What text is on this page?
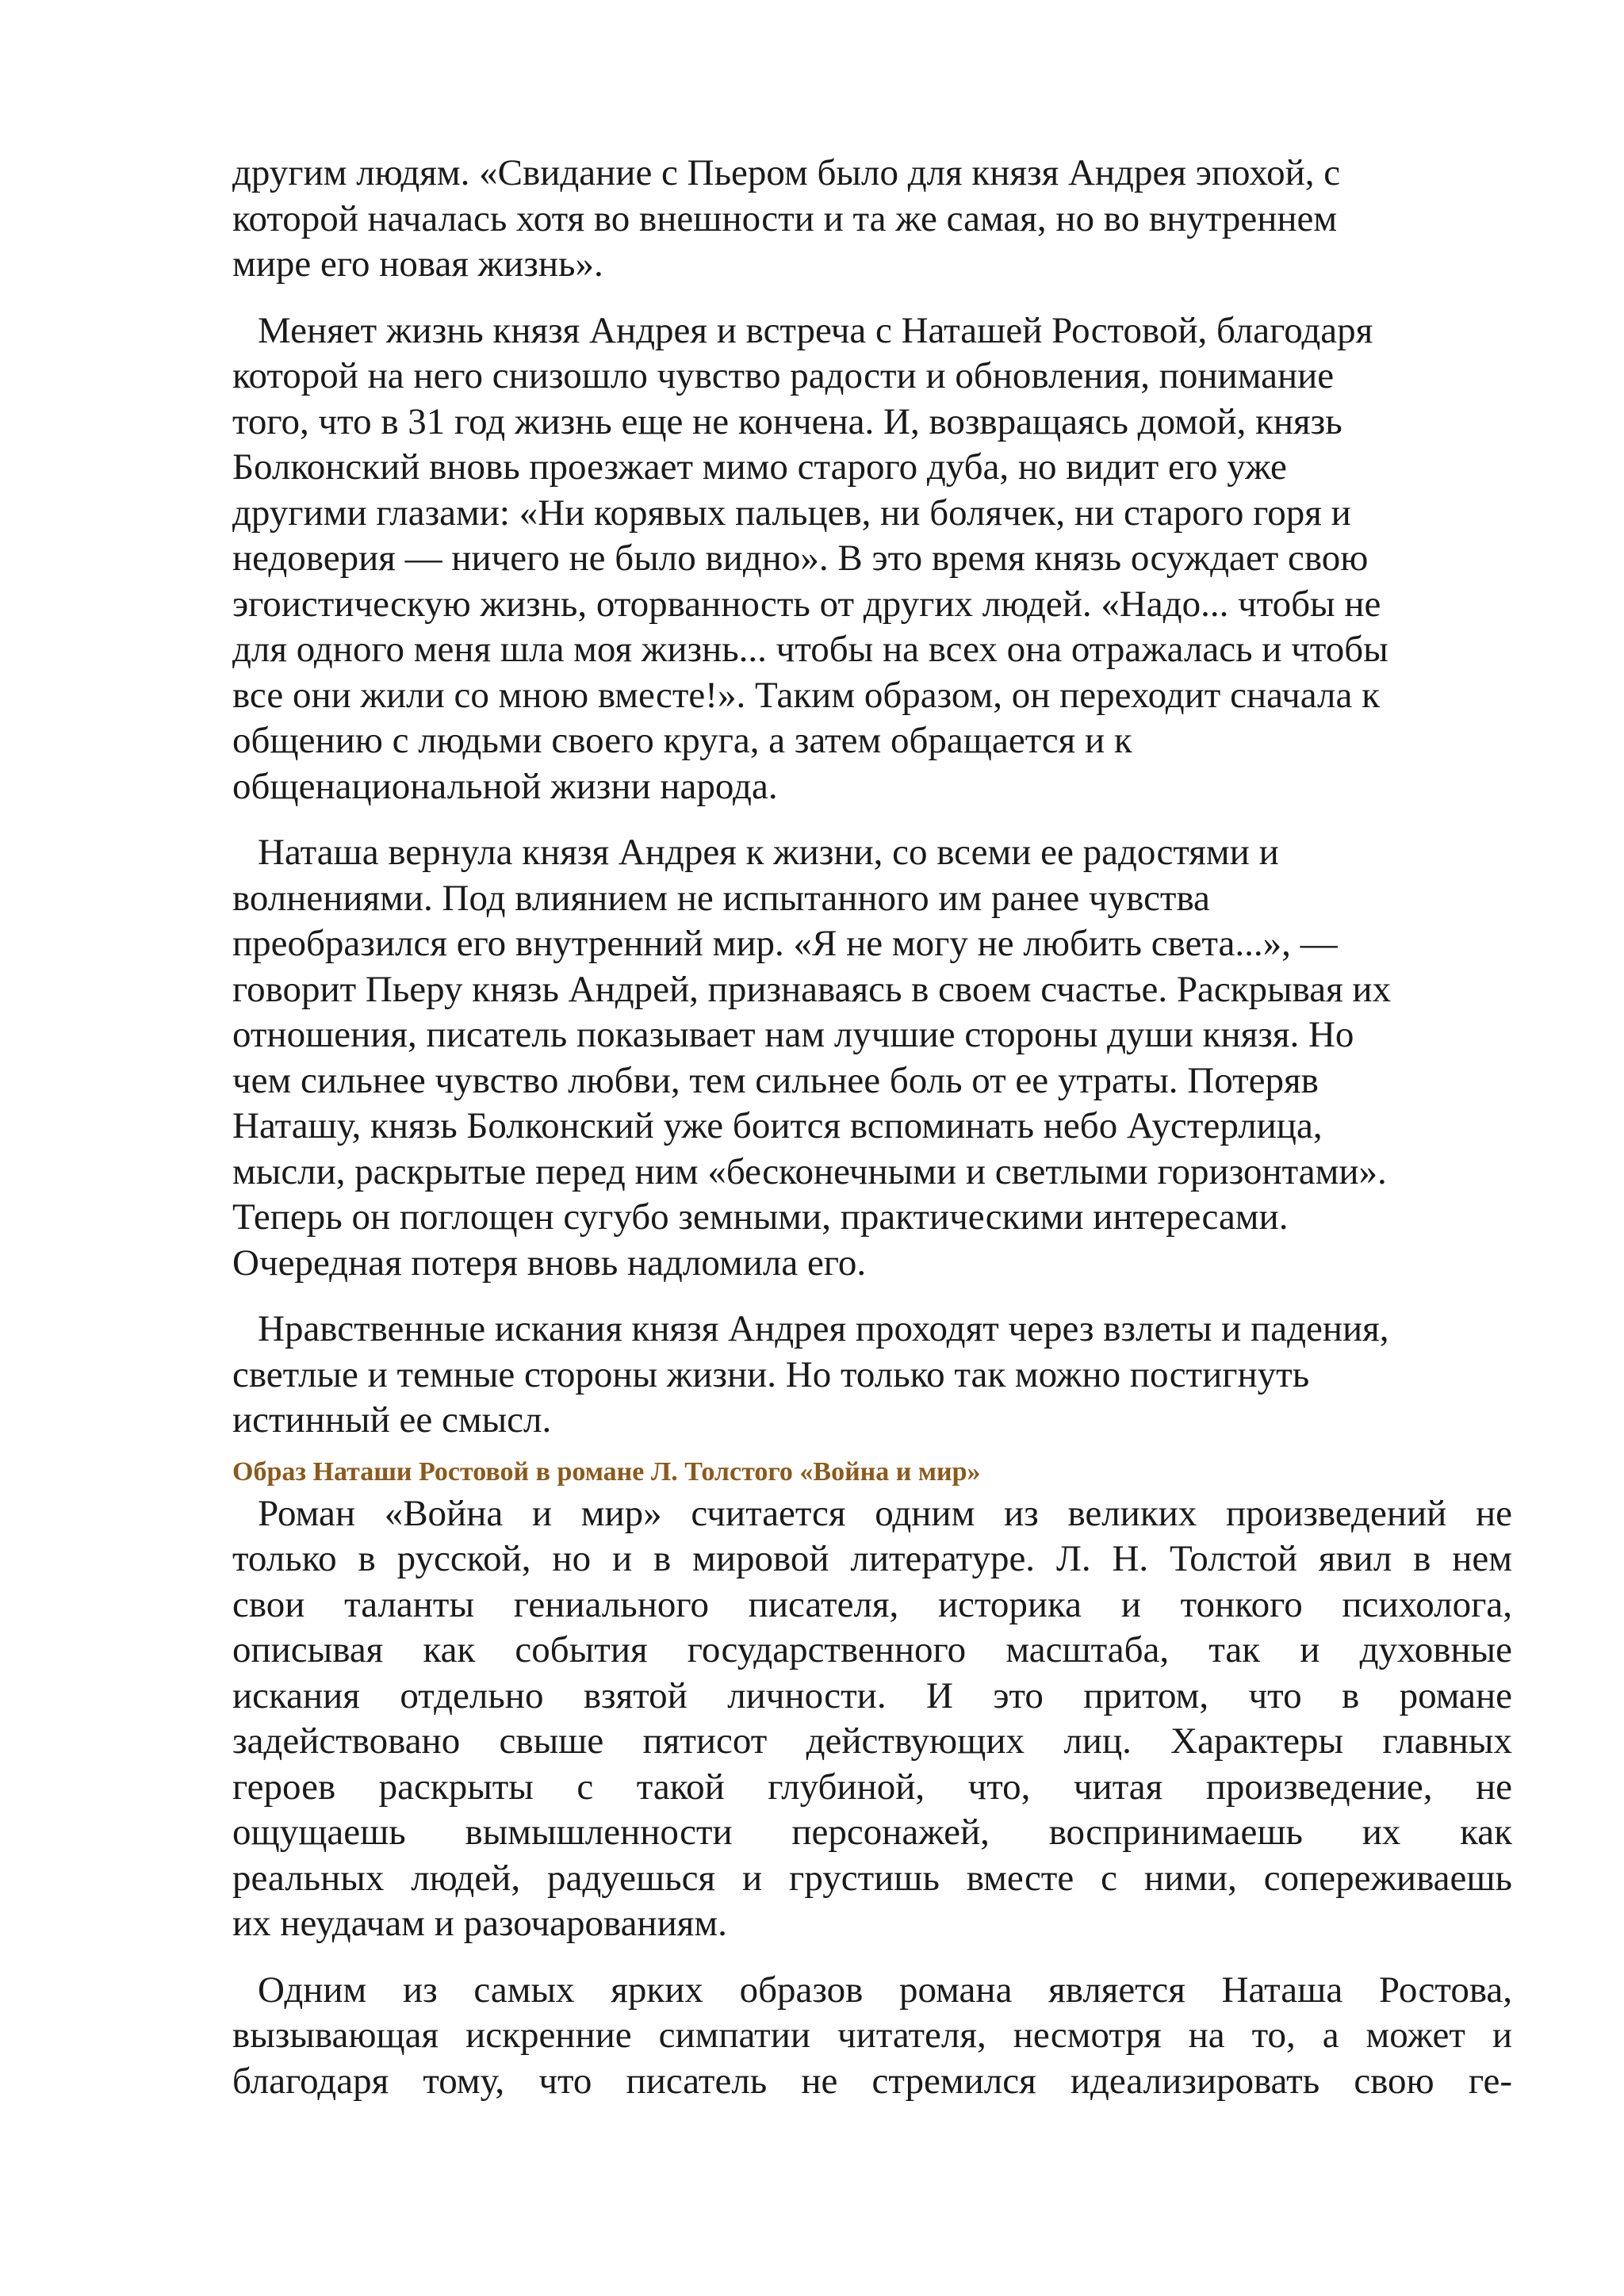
другим людям. «Свидание с Пьером было для князя Андрея эпохой, с
которой началась хотя во внешности и та же самая, но во внутреннем
мире его новая жизнь».

Меняет жизнь князя Андрея и встреча с Наташей Ростовой, благодаря
которой на него снизошло чувство радости и обновления, понимание
того, что в 31 год жизнь еще не кончена. И, возвращаясь домой, князь
Болконский вновь проезжает мимо старого дуба, но видит его уже
другими глазами: «Ни корявых пальцев, ни болячек, ни старого горя и
недоверия — ничего не было видно». В это время князь осуждает свою
эгоистическую жизнь, оторванность от других людей. «Надо... чтобы не
для одного меня шла моя жизнь... чтобы на всех она отражалась и чтобы
все они жили со мною вместе!». Таким образом, он переходит сначала к
общению с людьми своего круга, а затем обращается и к
общенациональной жизни народа.

Наташа вернула князя Андрея к жизни, со всеми ее радостями и
волнениями. Под влиянием не испытанного им ранее чувства
преобразился его внутренний мир. «Я не могу не любить света...», —
говорит Пьеру князь Андрей, признаваясь в своем счастье. Раскрывая их
отношения, писатель показывает нам лучшие стороны души князя. Но
чем сильнее чувство любви, тем сильнее боль от ее утраты. Потеряв
Наташу, князь Болконский уже боится вспоминать небо Аустерлица,
мысли, раскрытые перед ним «бесконечными и светлыми горизонтами».
Теперь он поглощен сугубо земными, практическими интересами.
Очередная потеря вновь надломила его.

Нравственные искания князя Андрея проходят через взлеты и падения,
светлые и темные стороны жизни. Но только так можно постигнуть
истинный ее смысл.

Образ Наташи Ростовой в романе Л. Толстого «Война и мир»

Роман «Война и мир» считается одним из великих произведений не
только в русской, но и в мировой литературе. Л. Н. Толстой явил в нем
свои таланты гениального писателя, историка и тонкого психолога,
описывая как события государственного масштаба, так и духовные
искания отдельно взятой личности. И это притом, что в романе
задействовано свыше пятисот действующих лиц. Характеры главных
героев раскрыты с такой глубиной, что, читая произведение, не
ощущаешь вымышленности персонажей, воспринимаешь их как
реальных людей, радуешься и грустишь вместе с ними, сопереживаешь
их неудачам и разочарованиям.

Одним из самых ярких образов романа является Наташа Ростова,
вызывающая искренние симпатии читателя, несмотря на то, а может и
благодаря тому, что писатель не стремился идеализировать свою ге-
